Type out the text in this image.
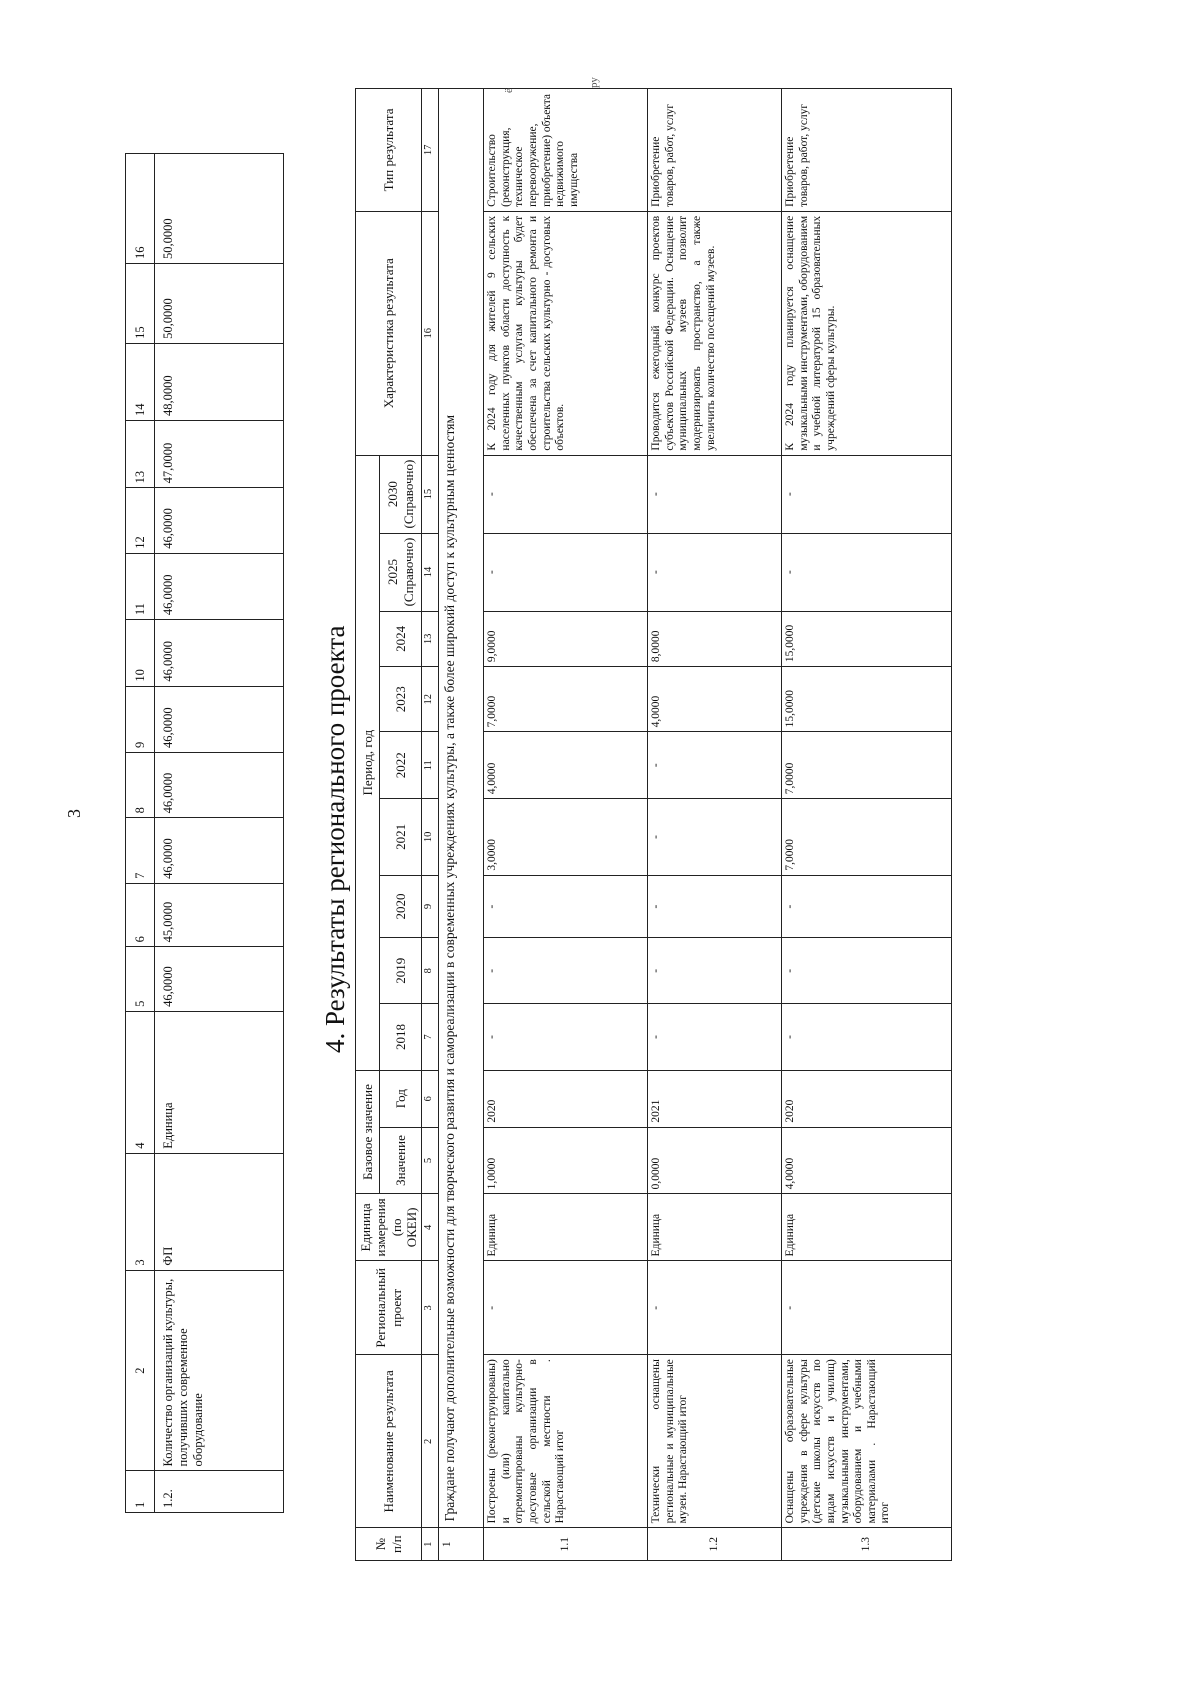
3
1	2	3	4	5	6	7	8	9	10	11	12	13	14	15	16
1.2.	Количество организаций культуры, получивших современное оборудование	ФП	Единица	46,0000	45,0000	46,0000	46,0000	46,0000	46,0000	46,0000	46,0000	47,0000	48,0000	50,0000	50,0000
4. Результаты регионального проекта
№ п/п	Наименование результата	Региональный проект	Единица измерения (по ОКЕИ)	Базовое значение		Период, год									Характеристика результата	Тип результата
				Значение	Год	2018	2019	2020	2021	2022	2023	2024	2025 (Справочно)	2030 (Справочно)		
1	2	3	4	5	6	7	8	9	10	11	12	13	14	15	16	17
1	Граждане получают дополнительные возможности для творческого развития и самореализации в современных учреждениях культуры, а также более широкий доступ к культурным ценностям															
1.1	Построены (реконструированы) и (или) капитально отремонтированы культурно-досуговые организации в сельской местности . Нарастающий итог	-	Единица	1,0000	2020	-	-	-	3,0000	4,0000	7,0000	9,0000	-	-	К 2024 году для жителей 9 сельских населенных пунктов области доступность к качественным услугам культуры будет обеспечена за счет капитального ремонта и строительства сельских культурно - досуговых объектов.	Строительство (реконструкция, техническое перевооружение, приобретение) объекта недвижимого имущества
1.2	Технически оснащены региональные и муниципальные музеи. Нарастающий итог	-	Единица	0,0000	2021	-	-	-	-	-	4,0000	8,0000	-	-	Проводится ежегодный конкурс проектов субъектов Российской Федерации. Оснащение муниципальных музеев позволит модернизировать пространство, а также увеличить количество посещений музеев.	Приобретение товаров, работ, услуг
1.3	Оснащены образовательные учреждения в сфере культуры (детские школы искусств по видам искусств и училищ) музыкальными инструментами, оборудованием и учебными материалами . Нарастающий итог	-	Единица	4,0000	2020	-	-	-	7,0000	7,0000	15,0000	15,0000	-	-	К 2024 году планируется оснащение музыкальными инструментами, оборудованием и учебной литературой 15 образовательных учреждений сферы культуры.	Приобретение товаров, работ, услуг
ё
ру
